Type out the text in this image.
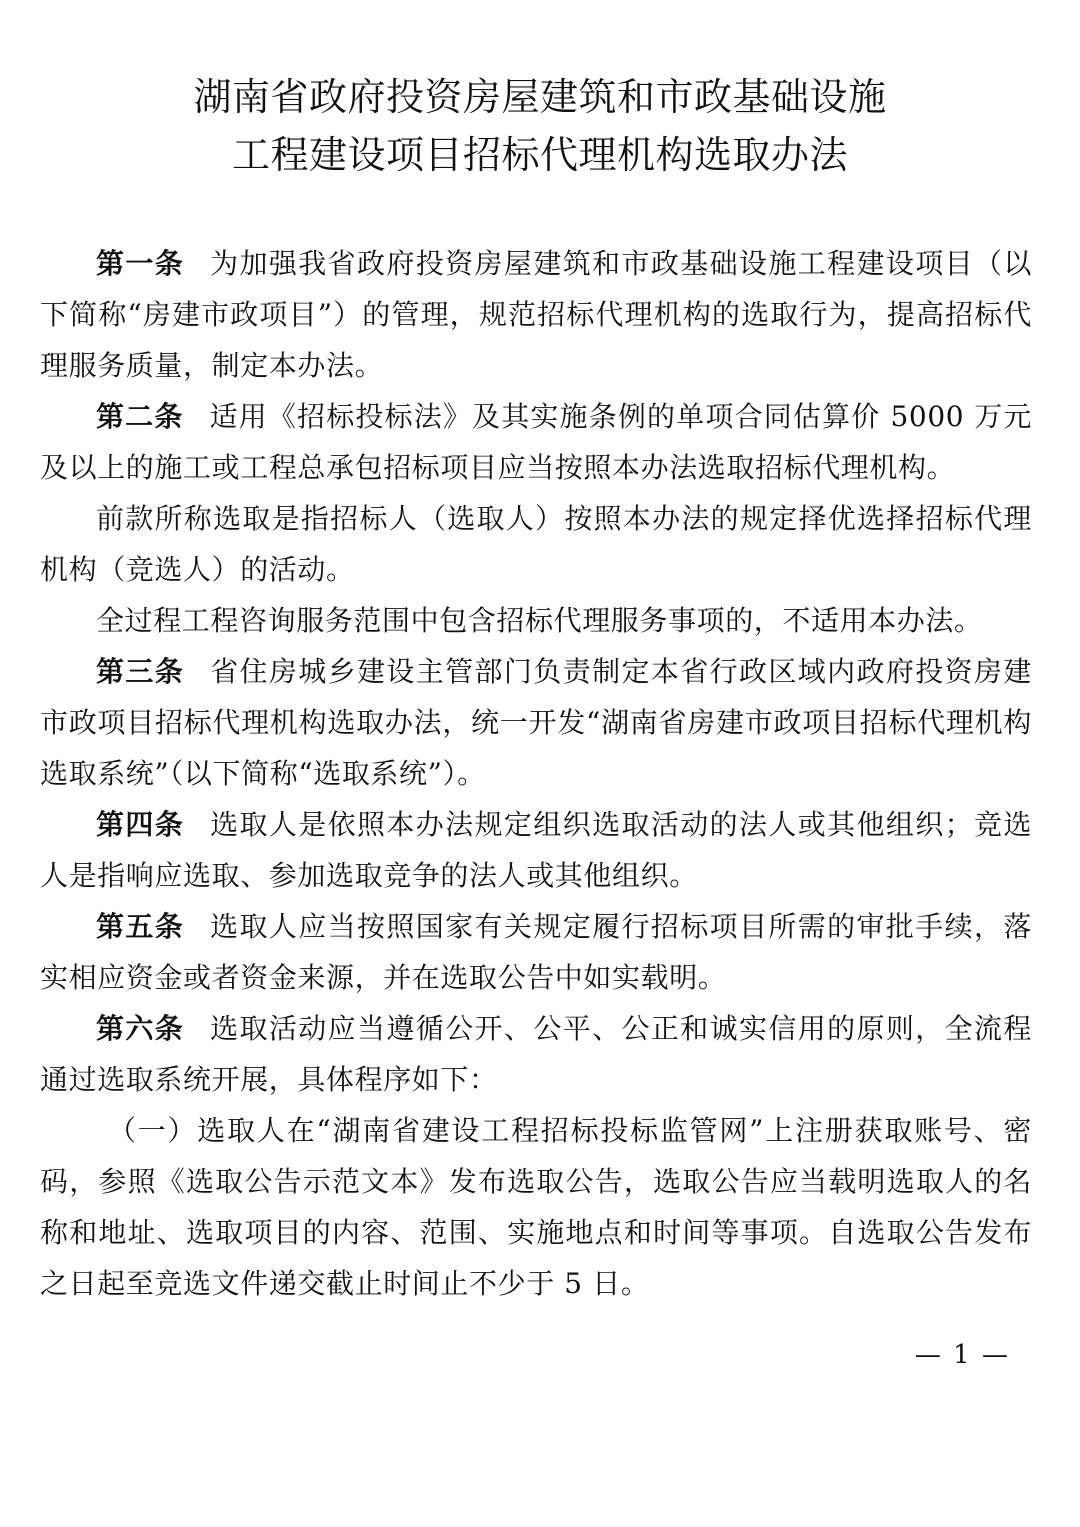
湖南省政府投资房屋建筑和市政基础设施

工程建设项目招标代理机构选取办法

第一条 为加强我省政府投资房屋建筑和市政基础设施工程建设项目（以下简称“房建市政项目”）的管理，规范招标代理机构的选取行为，提高招标代理服务质量，制定本办法。

第二条 适用《招标投标法》及其实施条例的单项合同估算价 5000 万元及以上的施工或工程总承包招标项目应当按照本办法选取招标代理机构。

前款所称选取是指招标人（选取人）按照本办法的规定择优选择招标代理机构（竞选人）的活动。

全过程工程咨询服务范围中包含招标代理服务事项的，不适用本办法。

第三条 省住房城乡建设主管部门负责制定本省行政区域内政府投资房建市政项目招标代理机构选取办法，统一开发“湖南省房建市政项目招标代理机构选取系统”（以下简称“选取系统”）。

第四条 选取人是依照本办法规定组织选取活动的法人或其他组织；竞选人是指响应选取、参加选取竞争的法人或其他组织。

第五条 选取人应当按照国家有关规定履行招标项目所需的审批手续，落实相应资金或者资金来源，并在选取公告中如实载明。

第六条 选取活动应当遵循公开、公平、公正和诚实信用的原则，全流程通过选取系统开展，具体程序如下：

（一）选取人在“湖南省建设工程招标投标监管网”上注册获取账号、密码，参照《选取公告示范文本》发布选取公告，选取公告应当载明选取人的名称和地址、选取项目的内容、范围、实施地点和时间等事项。自选取公告发布之日起至竞选文件递交截止时间止不少于 5 日。

— 1 —
